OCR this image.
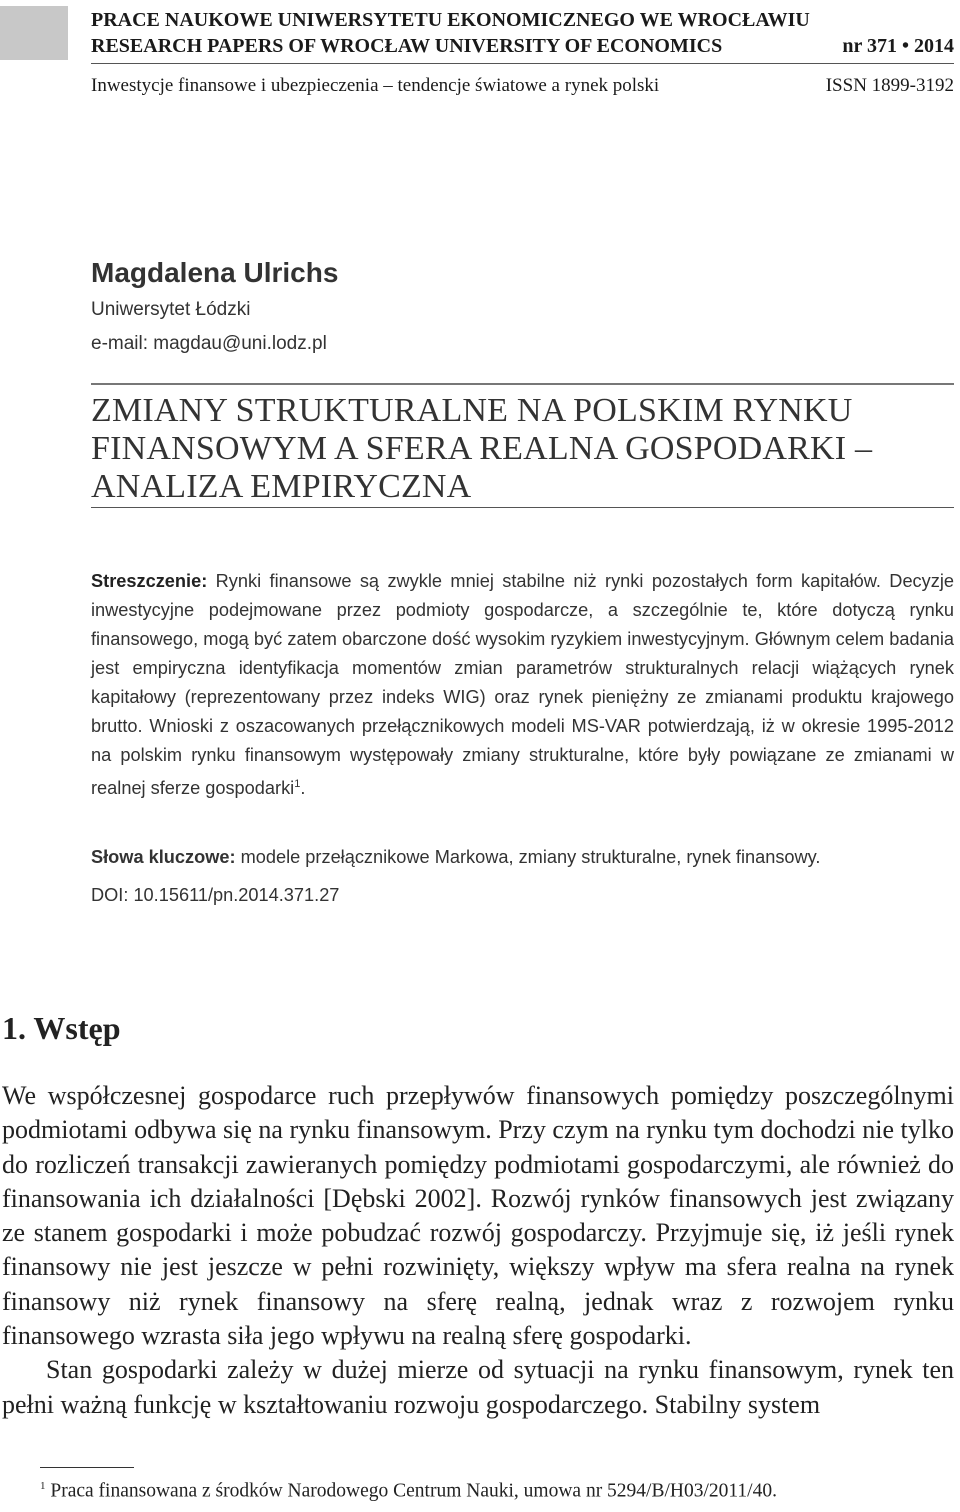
PRACE NAUKOWE UNIWERSYTETU EKONOMICZNEGO WE WROCŁAWIU
RESEARCH PAPERS OF WROCŁAW UNIVERSITY OF ECONOMICS	nr 371 • 2014
Inwestycje finansowe i ubezpieczenia – tendencje światowe a rynek polski	ISSN 1899-3192
Magdalena Ulrichs
Uniwersytet Łódzki
e-mail: magdau@uni.lodz.pl
ZMIANY STRUKTURALNE NA POLSKIM RYNKU
FINANSOWYM A SFERA REALNA GOSPODARKI –
ANALIZA EMPIRYCZNA
Streszczenie: Rynki finansowe są zwykle mniej stabilne niż rynki pozostałych form kapitałów. Decyzje inwestycyjne podejmowane przez podmioty gospodarcze, a szczególnie te, które dotyczą rynku finansowego, mogą być zatem obarczone dość wysokim ryzykiem inwestycyjnym. Głównym celem badania jest empiryczna identyfikacja momentów zmian parametrów strukturalnych relacji wiążących rynek kapitałowy (reprezentowany przez indeks WIG) oraz rynek pieniężny ze zmianami produktu krajowego brutto. Wnioski z oszacowanych przełącznikowych modeli MS-VAR potwierdzają, iż w okresie 1995-2012 na polskim rynku finansowym występowały zmiany strukturalne, które były powiązane ze zmianami w realnej sferze gospodarki$^1$.
Słowa kluczowe: modele przełącznikowe Markowa, zmiany strukturalne, rynek finansowy.
DOI: 10.15611/pn.2014.371.27
1. Wstęp

We współczesnej gospodarce ruch przepływów finansowych pomiędzy poszczególnymi podmiotami odbywa się na rynku finansowym. Przy czym na rynku tym dochodzi nie tylko do rozliczeń transakcji zawieranych pomiędzy podmiotami gospodarczymi, ale również do finansowania ich działalności [Dębski 2002]. Rozwój rynków finansowych jest związany ze stanem gospodarki i może pobudzać rozwój gospodarczy. Przyjmuje się, iż jeśli rynek finansowy nie jest jeszcze w pełni rozwinięty, większy wpływ ma sfera realna na rynek finansowy niż rynek finansowy na sferę realną, jednak wraz z rozwojem rynku finansowego wzrasta siła jego wpływu na realną sferę gospodarki.

Stan gospodarki zależy w dużej mierze od sytuacji na rynku finansowym, rynek ten pełni ważną funkcję w kształtowaniu rozwoju gospodarczego. Stabilny system

$^1$ Praca finansowana z środków Narodowego Centrum Nauki, umowa nr 5294/B/H03/2011/40.
